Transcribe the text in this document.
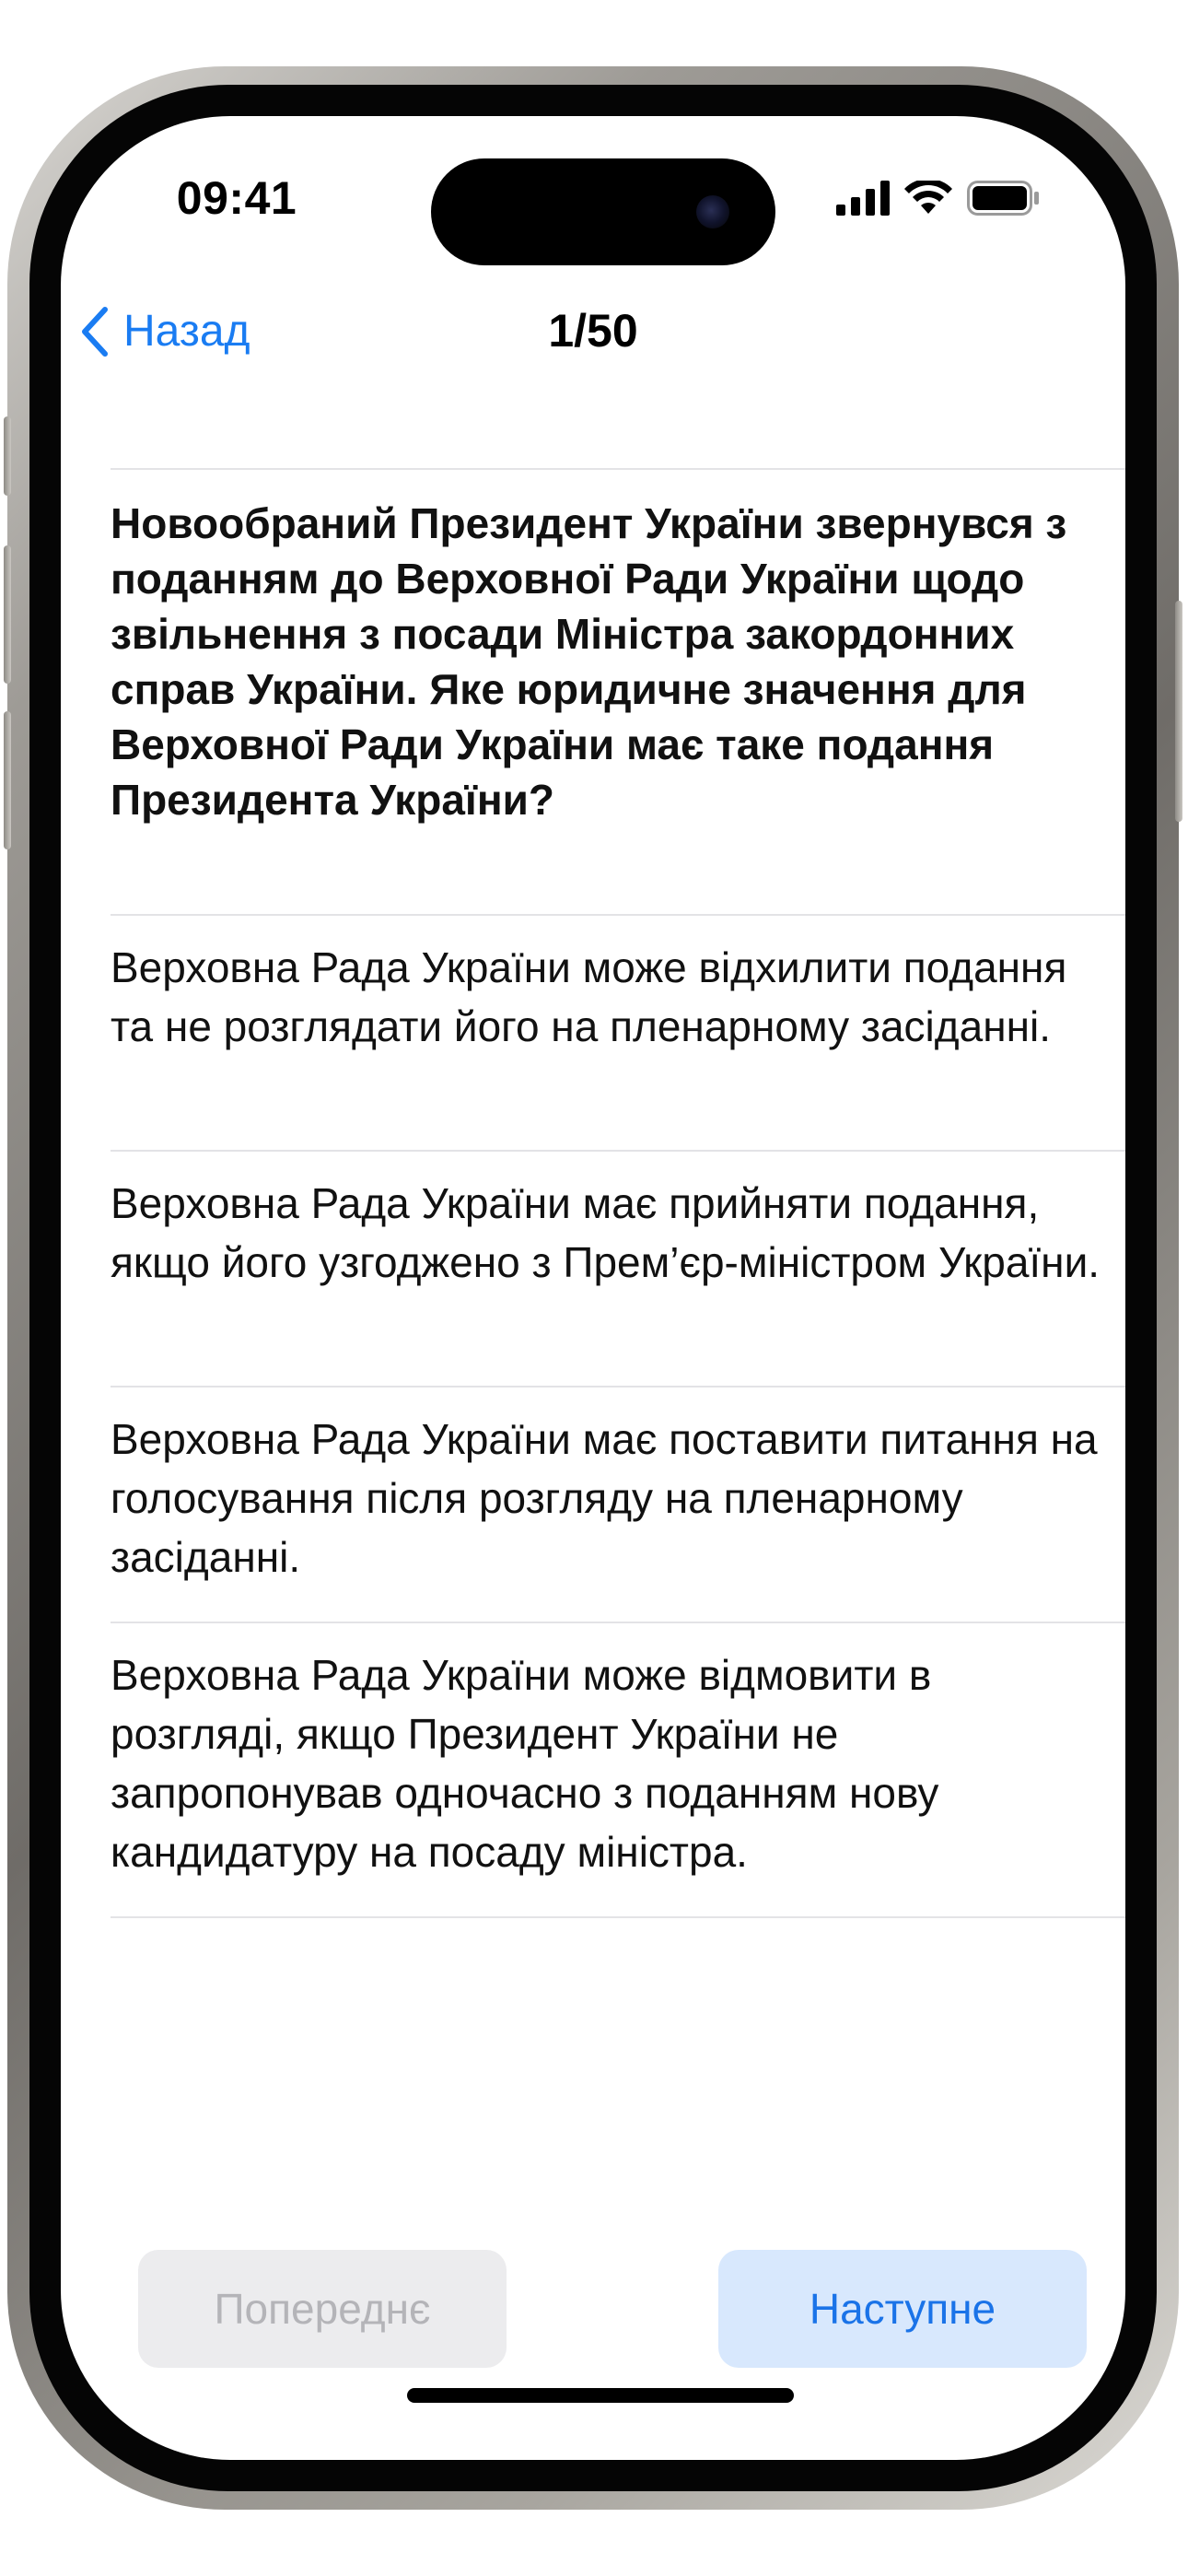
09:41
Назад	1/50

Новообраний Президент України звернувся з поданням до Верховної Ради України щодо звільнення з посади Міністра закордонних справ України. Яке юридичне значення для Верховної Ради України має таке подання Президента України?

Верховна Рада України може відхилити подання та не розглядати його на пленарному засіданні.
Верховна Рада України має прийняти подання, якщо його узгоджено з Прем’єр-міністром України.
Верховна Рада України має поставити питання на голосування після розгляду на пленарному засіданні.
Верховна Рада України може відмовити в розгляді, якщо Президент України не запропонував одночасно з поданням нову кандидатуру на посаду міністра.
Попереднє	Наступне
